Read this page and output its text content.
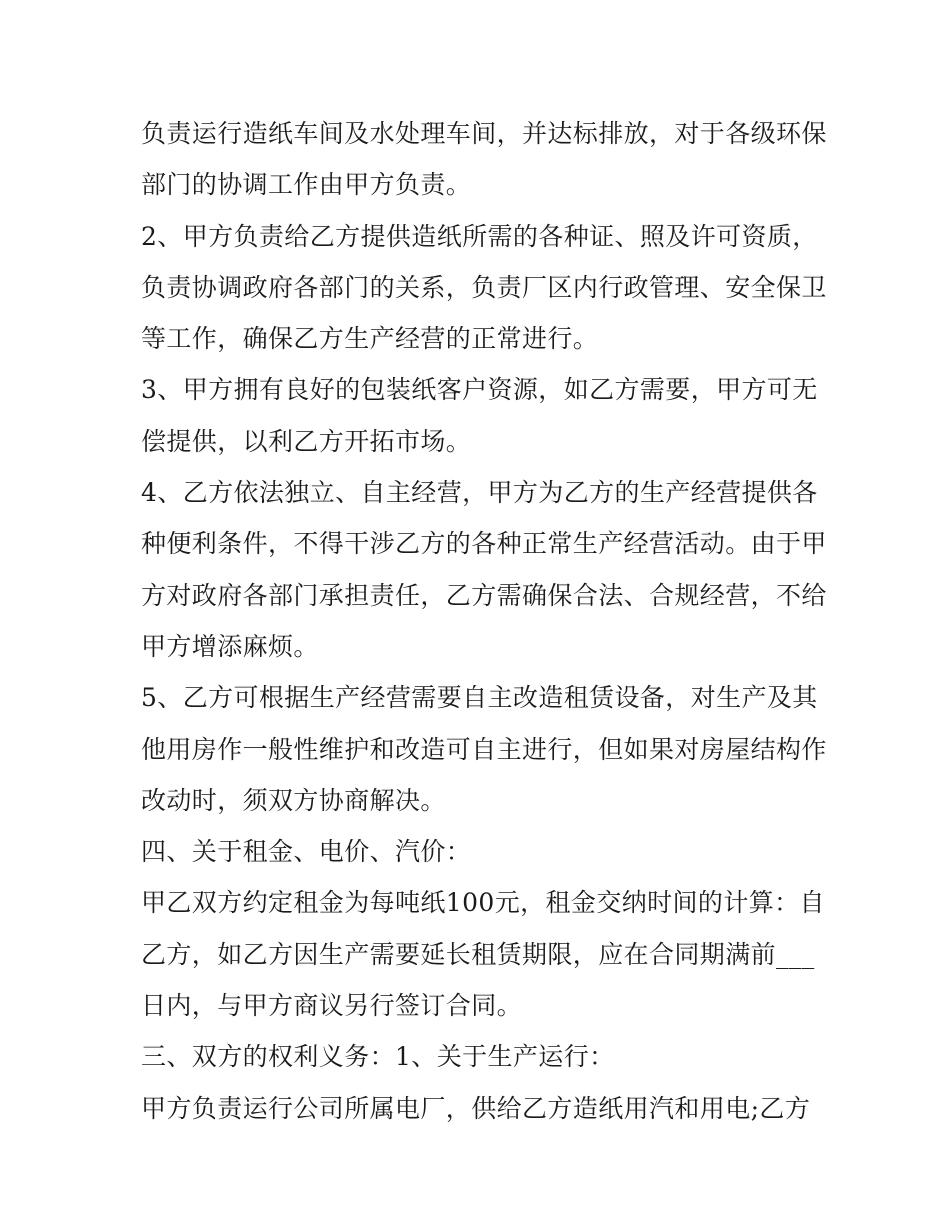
负责运行造纸车间及水处理车间，并达标排放，对于各级环保
部门的协调工作由甲方负责。
2、甲方负责给乙方提供造纸所需的各种证、照及许可资质，
负责协调政府各部门的关系，负责厂区内行政管理、安全保卫
等工作，确保乙方生产经营的正常进行。
3、甲方拥有良好的包装纸客户资源，如乙方需要，甲方可无
偿提供，以利乙方开拓市场。
4、乙方依法独立、自主经营，甲方为乙方的生产经营提供各
种便利条件，不得干涉乙方的各种正常生产经营活动。由于甲
方对政府各部门承担责任，乙方需确保合法、合规经营，不给
甲方增添麻烦。
5、乙方可根据生产经营需要自主改造租赁设备，对生产及其
他用房作一般性维护和改造可自主进行，但如果对房屋结构作
改动时，须双方协商解决。
四、关于租金、电价、汽价：
甲乙双方约定租金为每吨纸100元，租金交纳时间的计算：自
乙方，如乙方因生产需要延长租赁期限，应在合同期满前___
日内，与甲方商议另行签订合同。
三、双方的权利义务：1、关于生产运行：
甲方负责运行公司所属电厂，供给乙方造纸用汽和用电;乙方
